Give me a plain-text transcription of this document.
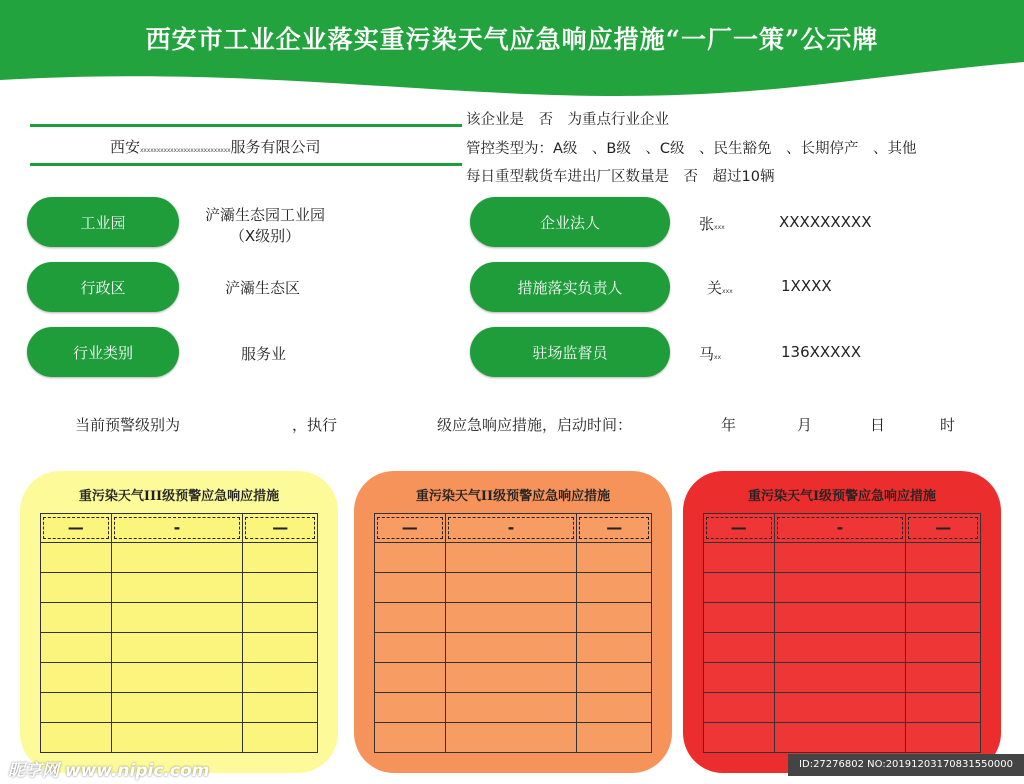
西安市工业企业落实重污染天气应急响应措施“一厂一策”公示牌
西安xxxxxxxxxxxxxxxxxxxxxxxxxxx服务有限公司
该企业是　否　为重点行业企业
管控类型为：A级　、B级　、C级　、民生豁免　、长期停产　、其他
每日重型载货车进出厂区数量是　否　超过10辆
工业园	浐灞生态园工业园
（X级别）
行政区	浐灞生态区
行业类别	服务业
企业法人	张xxx	XXXXXXXXX
措施落实负责人	关xxx	1XXXX
驻场监督员	马xx	136XXXXX
当前预警级别为	，执行	级应急响应措施，启动时间：	年	月	日	时
重污染天气III级预警应急响应措施
—	-	—

重污染天气II级预警应急响应措施
—	-	—

重污染天气I级预警应急响应措施
—	-	—

昵享网 www.nipic.com	ID:27276802 NO:20191203170831550000
